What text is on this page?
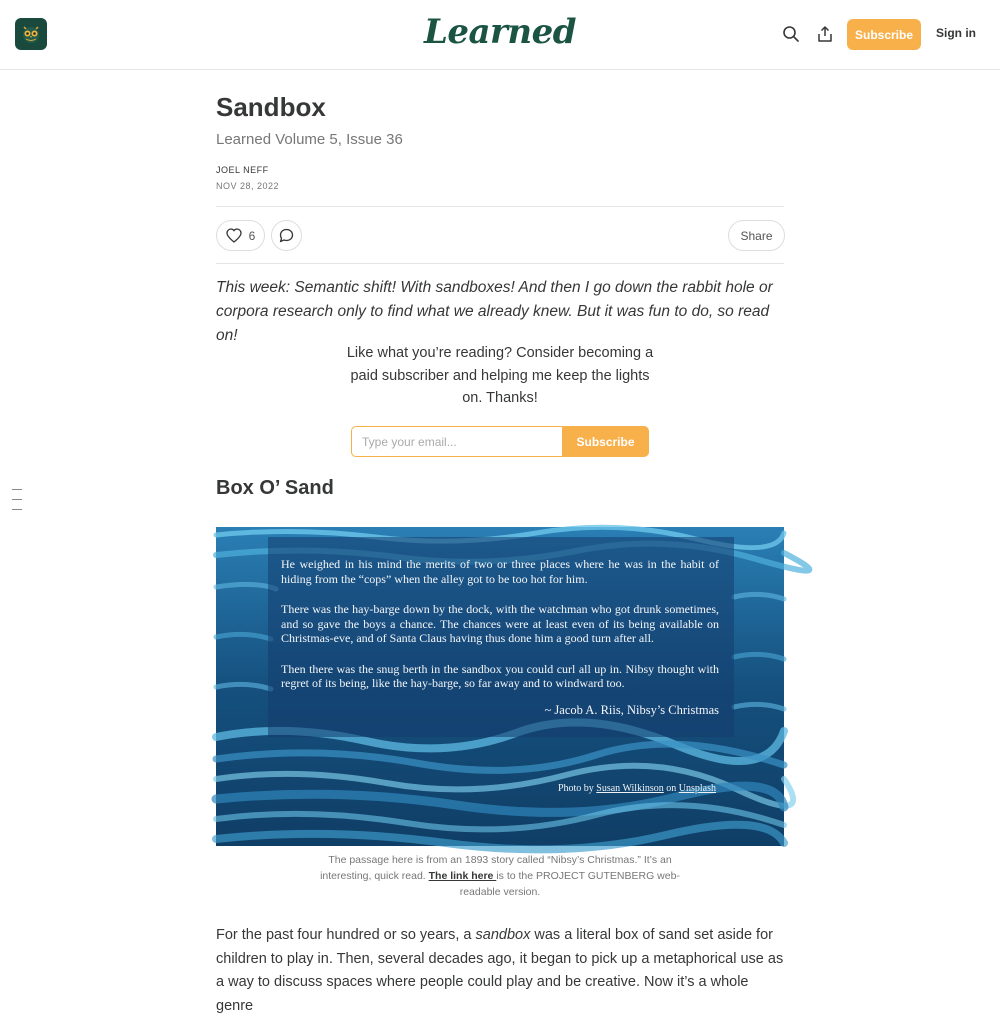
Learned	Subscribe	Sign in
Sandbox
Learned Volume 5, Issue 36
JOEL NEFF
NOV 28, 2022
6	Share

This week: Semantic shift! With sandboxes! And then I go down the rabbit hole or corpora research only to find what we already knew. But it was fun to do, so read on!

Like what you’re reading? Consider becoming a paid subscriber and helping me keep the lights on. Thanks!

Type your email...
Subscribe
Box O’ Sand

He weighed in his mind the merits of two or three places where he was in the habit of hiding from the “cops” when the alley got to be too hot for him.

There was the hay-barge down by the dock, with the watchman who got drunk sometimes, and so gave the boys a chance. The chances were at least even of its being available on Christmas-eve, and of Santa Claus having thus done him a good turn after all.

Then there was the snug berth in the sandbox you could curl all up in. Nibsy thought with regret of its being, like the hay-barge, so far away and to windward too.

~ Jacob A. Riis, Nibsy’s Christmas

Photo by Susan Wilkinson on Unsplash
The passage here is from an 1893 story called “Nibsy’s Christmas.” It’s an interesting, quick read. The link here is to the PROJECT GUTENBERG web-readable version.

For the past four hundred or so years, a sandbox was a literal box of sand set aside for children to play in. Then, several decades ago, it began to pick up a metaphorical use as a way to discuss spaces where people could play and be creative. Now it’s a whole genre
